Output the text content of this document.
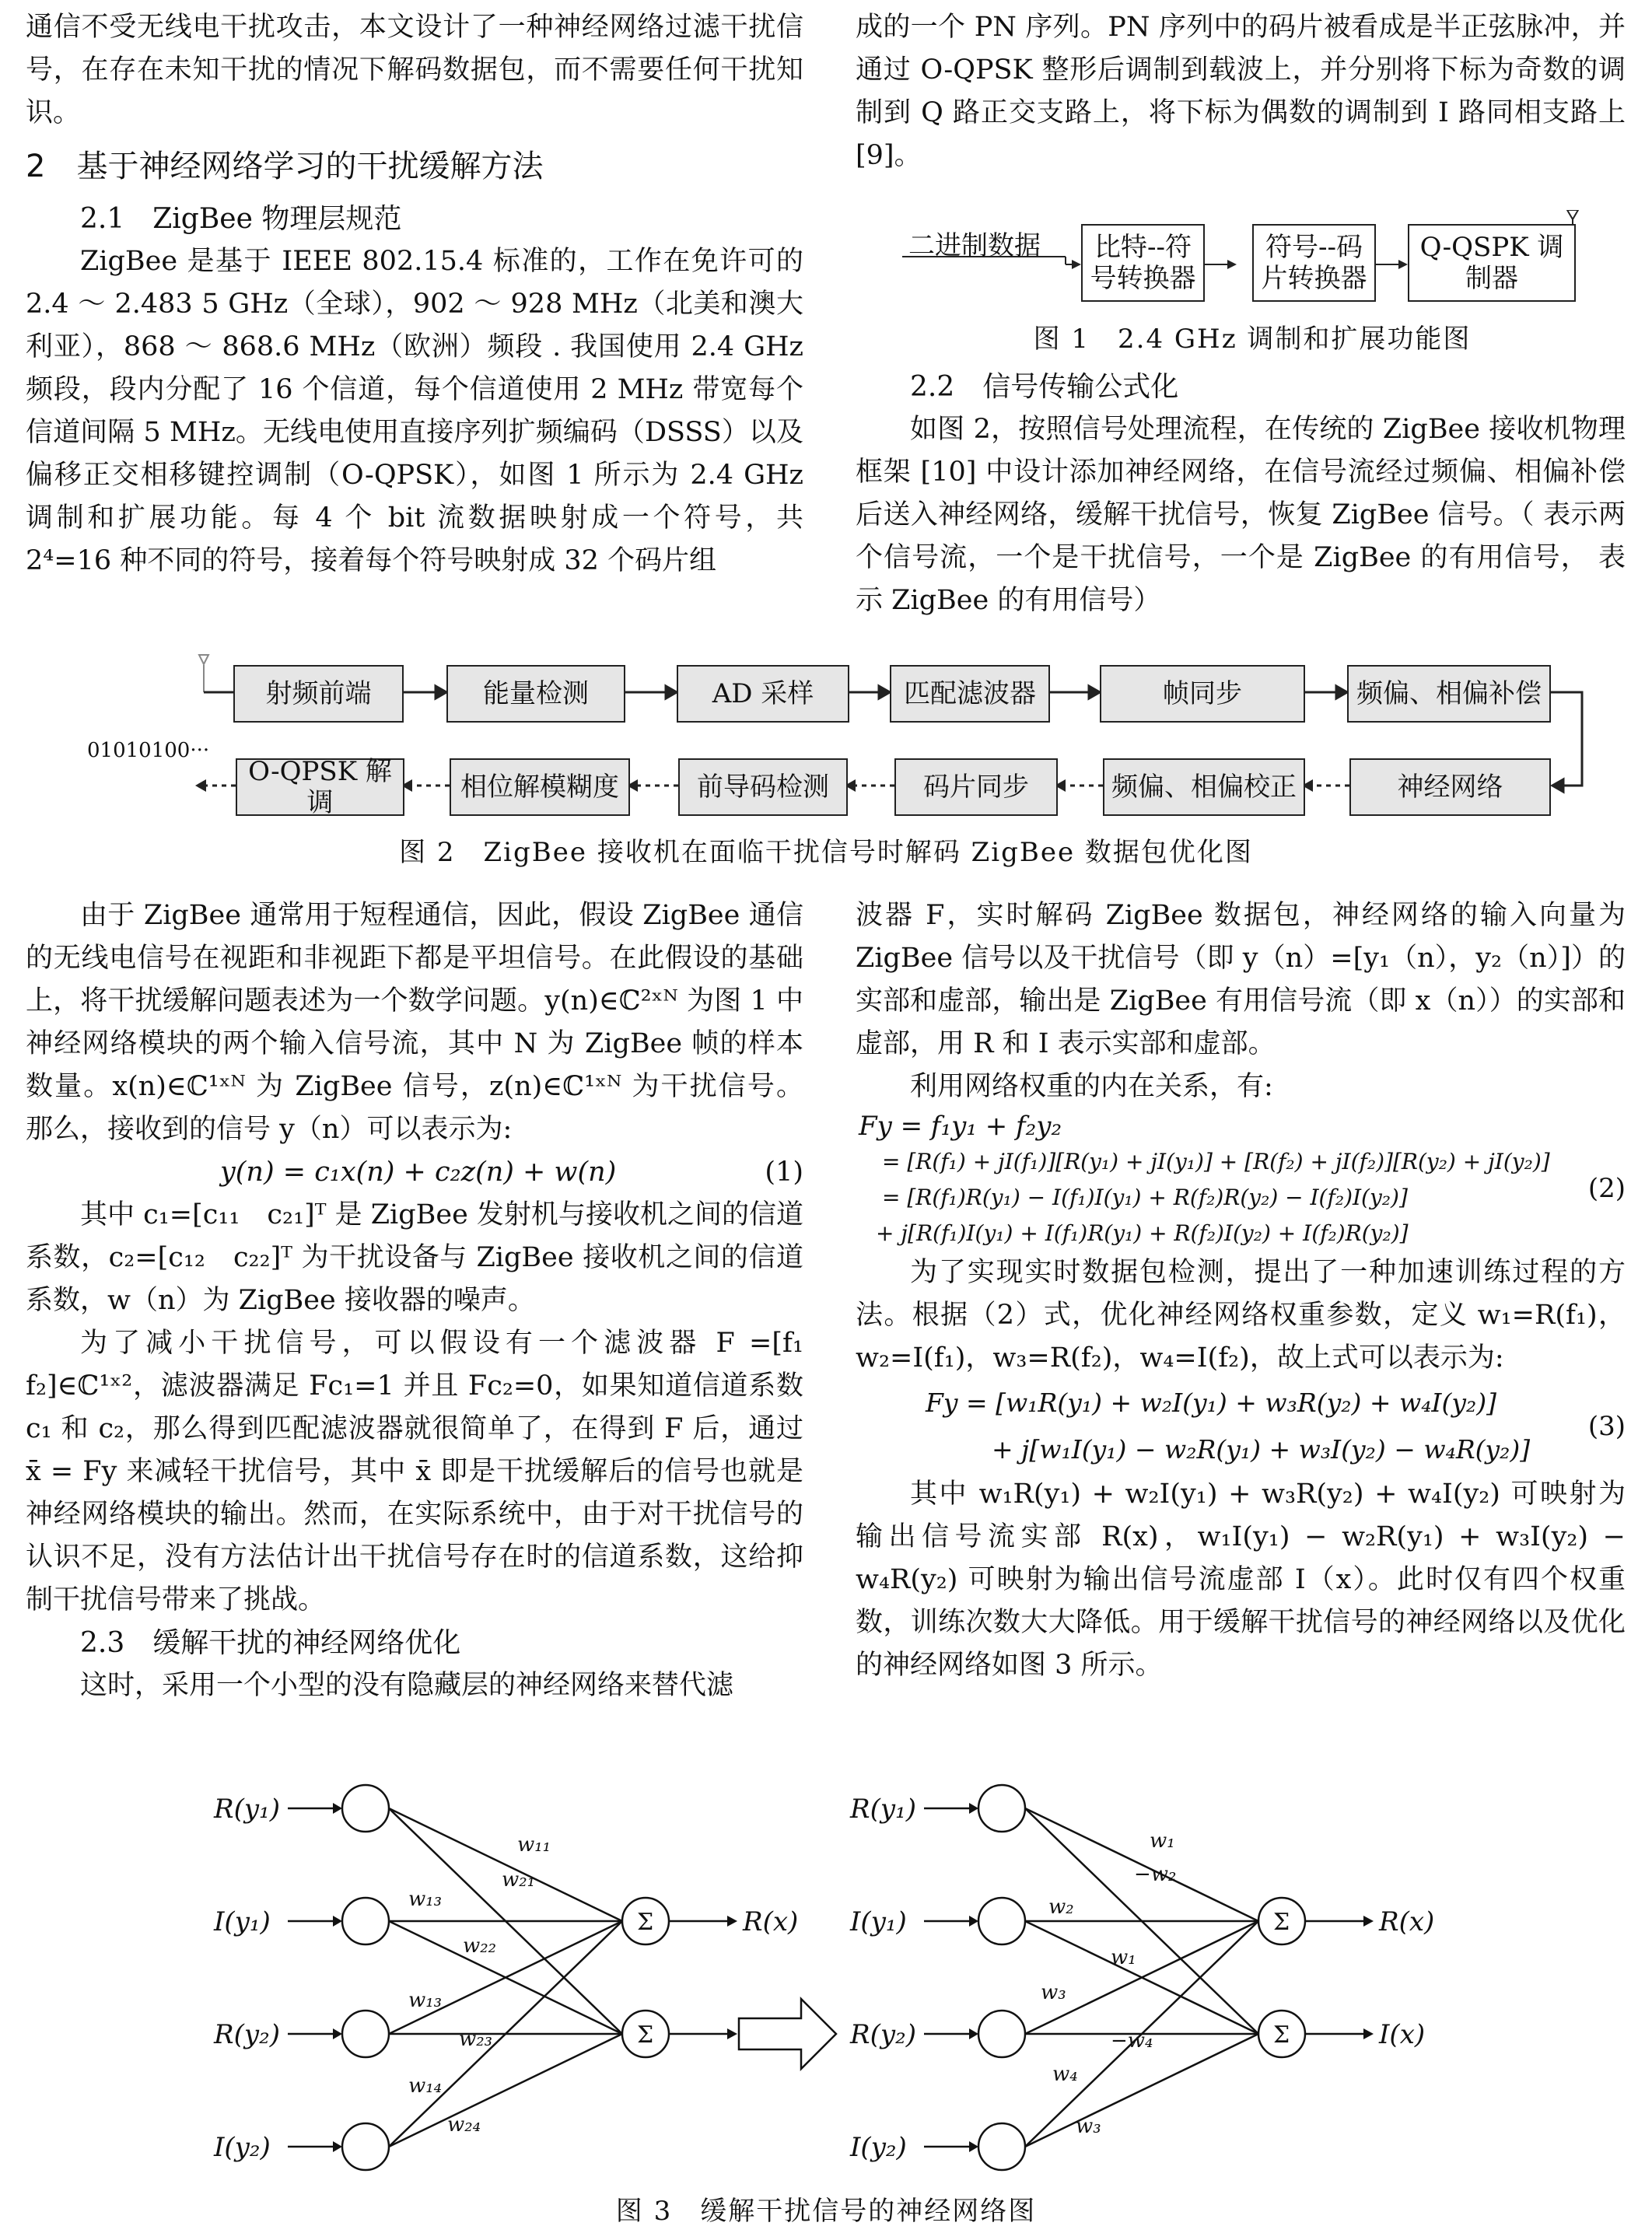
通信不受无线电干扰攻击，本文设计了一种神经网络过滤干扰信号，在存在未知干扰的情况下解码数据包，而不需要任何干扰知识。

2　基于神经网络学习的干扰缓解方法
2.1　ZigBee 物理层规范

ZigBee 是基于 IEEE 802.15.4 标准的，工作在免许可的 2.4 ～ 2.483 5 GHz（全球），902 ～ 928 MHz（北美和澳大利亚），868 ～ 868.6 MHz（欧洲）频段 . 我国使用 2.4 GHz 频段，段内分配了 16 个信道，每个信道使用 2 MHz 带宽每个信道间隔 5 MHz。无线电使用直接序列扩频编码（DSSS）以及偏移正交相移键控调制（O-QPSK），如图 1 所示为 2.4 GHz 调制和扩展功能。每 4 个 bit 流数据映射成一个符号，共 2⁴=16 种不同的符号，接着每个符号映射成 32 个码片组

成的一个 PN 序列。PN 序列中的码片被看成是半正弦脉冲，并通过 O-QPSK 整形后调制到载波上，并分别将下标为奇数的调制到 Q 路正交支路上，将下标为偶数的调制到 I 路同相支路上 [9]。

二进制数据	比特--符号转换器
符号--码片转换器
Q-QSPK 调制器
图 1　2.4 GHz 调制和扩展功能图
2.2　信号传输公式化

如图 2，按照信号处理流程，在传统的 ZigBee 接收机物理框架 [10] 中设计添加神经网络，在信号流经过频偏、相偏补偿后送入神经网络，缓解干扰信号，恢复 ZigBee 信号。（ 表示两个信号流，一个是干扰信号，一个是 ZigBee 的有用信号， 表示 ZigBee 的有用信号）

射频前端	能量检测	AD 采样	匹配滤波器	帧同步	频偏、相偏补偿
O-QPSK 解调	相位解模糊度	前导码检测	码片同步	频偏、相偏校正	神经网络
01010100···
图 2　ZigBee 接收机在面临干扰信号时解码 ZigBee 数据包优化图

由于 ZigBee 通常用于短程通信，因此，假设 ZigBee 通信的无线电信号在视距和非视距下都是平坦信号。在此假设的基础上，将干扰缓解问题表述为一个数学问题。y(n)∈ℂ²ˣᴺ 为图 1 中神经网络模块的两个输入信号流，其中 N 为 ZigBee 帧的样本数量。x(n)∈ℂ¹ˣᴺ 为 ZigBee 信号，z(n)∈ℂ¹ˣᴺ 为干扰信号。那么，接收到的信号 y（n）可以表示为:

y(n) = c₁x(n) + c₂z(n) + w(n)	(1)

其中 c₁=[c₁₁　c₂₁]ᵀ 是 ZigBee 发射机与接收机之间的信道系数，c₂=[c₁₂　c₂₂]ᵀ 为干扰设备与 ZigBee 接收机之间的信道系数，w（n）为 ZigBee 接收器的噪声。

为了减小干扰信号，可以假设有一个滤波器 F =[f₁　f₂]∈ℂ¹ˣ²，滤波器满足 Fc₁=1 并且 Fc₂=0，如果知道信道系数 c₁ 和 c₂，那么得到匹配滤波器就很简单了，在得到 F 后，通过 x̄ = Fy 来减轻干扰信号，其中 x̄ 即是干扰缓解后的信号也就是神经网络模块的输出。然而，在实际系统中，由于对干扰信号的认识不足，没有方法估计出干扰信号存在时的信道系数，这给抑制干扰信号带来了挑战。

2.3　缓解干扰的神经网络优化

这时，采用一个小型的没有隐藏层的神经网络来替代滤

波器 F，实时解码 ZigBee 数据包，神经网络的输入向量为 ZigBee 信号以及干扰信号（即 y（n）=[y₁（n），y₂（n）]）的实部和虚部，输出是 ZigBee 有用信号流（即 x（n））的实部和虚部，用 R 和 I 表示实部和虚部。

利用网络权重的内在关系，有:

Fy = f₁y₁ + f₂y₂
= [R(f₁) + jI(f₁)][R(y₁) + jI(y₁)] + [R(f₂) + jI(f₂)][R(y₂) + jI(y₂)]
= [R(f₁)R(y₁) − I(f₁)I(y₁) + R(f₂)R(y₂) − I(f₂)I(y₂)]
+ j[R(f₁)I(y₁) + I(f₁)R(y₁) + R(f₂)I(y₂) + I(f₂)R(y₂)]
(2)

为了实现实时数据包检测，提出了一种加速训练过程的方法。根据（2）式，优化神经网络权重参数，定义 w₁=R(f₁)，w₂=I(f₁)，w₃=R(f₂)，w₄=I(f₂)，故上式可以表示为:

Fy = [w₁R(y₁) + w₂I(y₁) + w₃R(y₂) + w₄I(y₂)]
+ j[w₁I(y₁) − w₂R(y₁) + w₃I(y₂) − w₄R(y₂)]
(3)

其中 w₁R(y₁) + w₂I(y₁) + w₃R(y₂) + w₄I(y₂) 可映射为输出信号流实部 R(x)，w₁I(y₁) − w₂R(y₁) + w₃I(y₂) − w₄R(y₂) 可映射为输出信号流虚部 I（x）。此时仅有四个权重数，训练次数大大降低。用于缓解干扰信号的神经网络以及优化的神经网络如图 3 所示。

R(y₁)
I(y₁)
R(y₂)
I(y₂)
Σ	R(x)
Σ
w₁₁
w₂₁
w₁₃
w₂₂
w₁₃
w₂₃
w₁₄
w₂₄
R(y₁)
I(y₁)
R(y₂)
I(y₂)
Σ	R(x)
Σ	I(x)
w₁
−w₂
w₂
w₁
w₃
−w₄
w₄
w₃
图 3　缓解干扰信号的神经网络图
